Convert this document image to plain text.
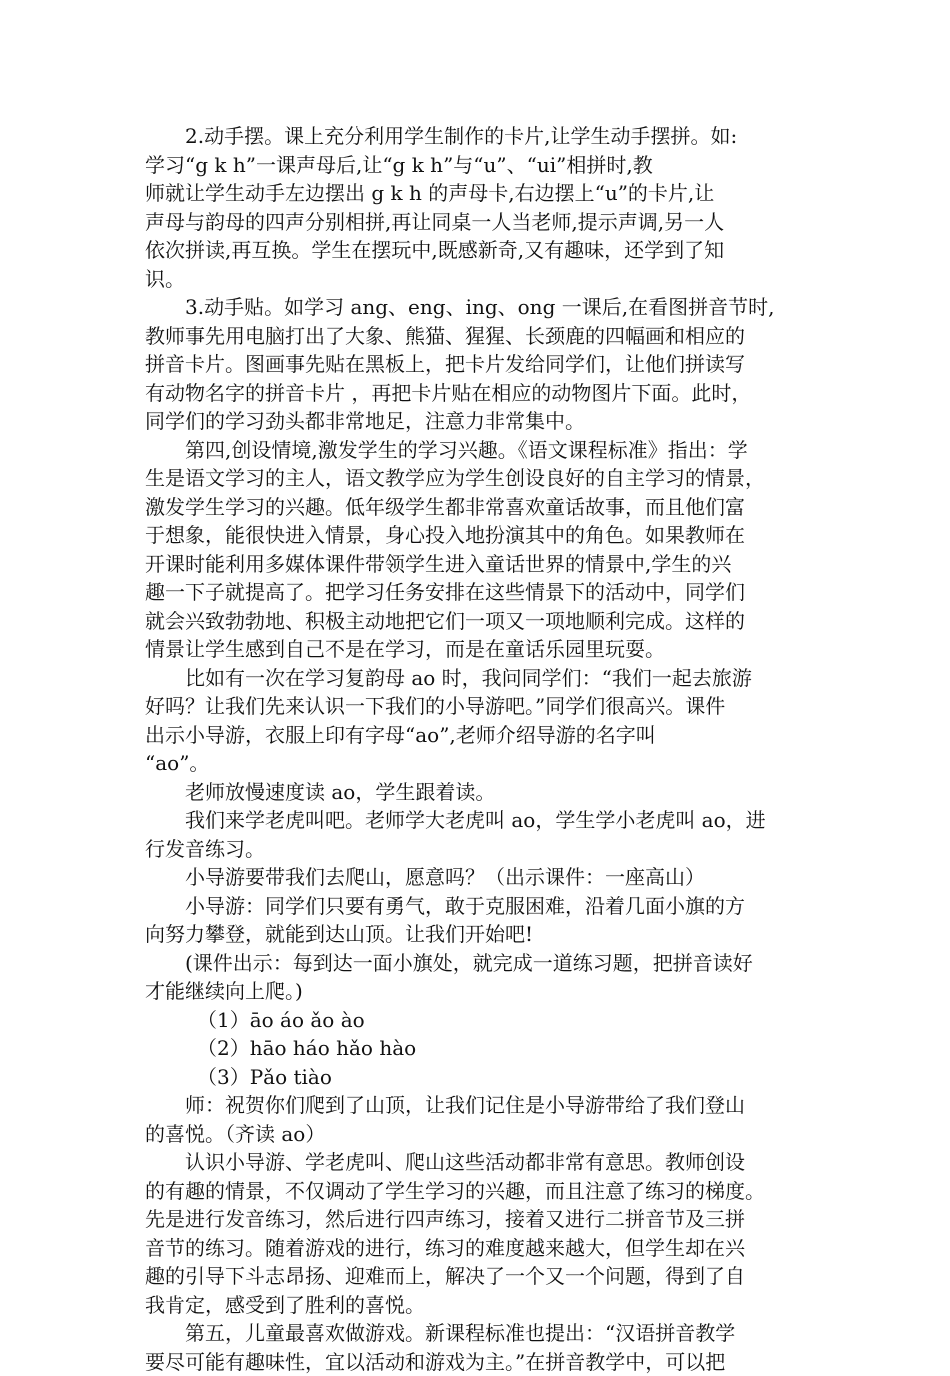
2.动手摆。课上充分利用学生制作的卡片,让学生动手摆拼。如:
学习“g k h”一课声母后,让“g k h”与“u”、“ui”相拼时,教
师就让学生动手左边摆出 g k h 的声母卡,右边摆上“u”的卡片,让
声母与韵母的四声分别相拼,再让同桌一人当老师,提示声调,另一人
依次拼读,再互换。学生在摆玩中,既感新奇,又有趣味，还学到了知
识。
3.动手贴。如学习 ang、eng、ing、ong 一课后,在看图拼音节时,
教师事先用电脑打出了大象、熊猫、猩猩、长颈鹿的四幅画和相应的
拼音卡片。图画事先贴在黑板上，把卡片发给同学们，让他们拼读写
有动物名字的拼音卡片 ，再把卡片贴在相应的动物图片下面。此时，
同学们的学习劲头都非常地足，注意力非常集中。
第四,创设情境,激发学生的学习兴趣。《语文课程标准》指出：学
生是语文学习的主人，语文教学应为学生创设良好的自主学习的情景，
激发学生学习的兴趣。低年级学生都非常喜欢童话故事，而且他们富
于想象，能很快进入情景，身心投入地扮演其中的角色。如果教师在
开课时能利用多媒体课件带领学生进入童话世界的情景中,学生的兴
趣一下子就提高了。把学习任务安排在这些情景下的活动中，同学们
就会兴致勃勃地、积极主动地把它们一项又一项地顺利完成。这样的
情景让学生感到自己不是在学习，而是在童话乐园里玩耍。
比如有一次在学习复韵母 ao 时，我问同学们：“我们一起去旅游
好吗？让我们先来认识一下我们的小导游吧。”同学们很高兴。课件
出示小导游，衣服上印有字母“ao”,老师介绍导游的名字叫
“ao”。
老师放慢速度读 ao，学生跟着读。
我们来学老虎叫吧。老师学大老虎叫 ao，学生学小老虎叫 ao，进
行发音练习。
小导游要带我们去爬山，愿意吗？（出示课件：一座高山）
小导游：同学们只要有勇气，敢于克服困难，沿着几面小旗的方
向努力攀登，就能到达山顶。让我们开始吧!
(课件出示：每到达一面小旗处，就完成一道练习题，把拼音读好
才能继续向上爬。)
（1）āo áo ǎo ào
（2）hāo háo hǎo hào
（3）Pǎo tiào
师：祝贺你们爬到了山顶，让我们记住是小导游带给了我们登山
的喜悦。（齐读 ao）
认识小导游、学老虎叫、爬山这些活动都非常有意思。教师创设
的有趣的情景，不仅调动了学生学习的兴趣，而且注意了练习的梯度。
先是进行发音练习，然后进行四声练习，接着又进行二拼音节及三拼
音节的练习。随着游戏的进行，练习的难度越来越大，但学生却在兴
趣的引导下斗志昂扬、迎难而上，解决了一个又一个问题，得到了自
我肯定，感受到了胜利的喜悦。
第五，儿童最喜欢做游戏。新课程标准也提出：“汉语拼音教学
要尽可能有趣味性，宜以活动和游戏为主。”在拼音教学中，可以把
